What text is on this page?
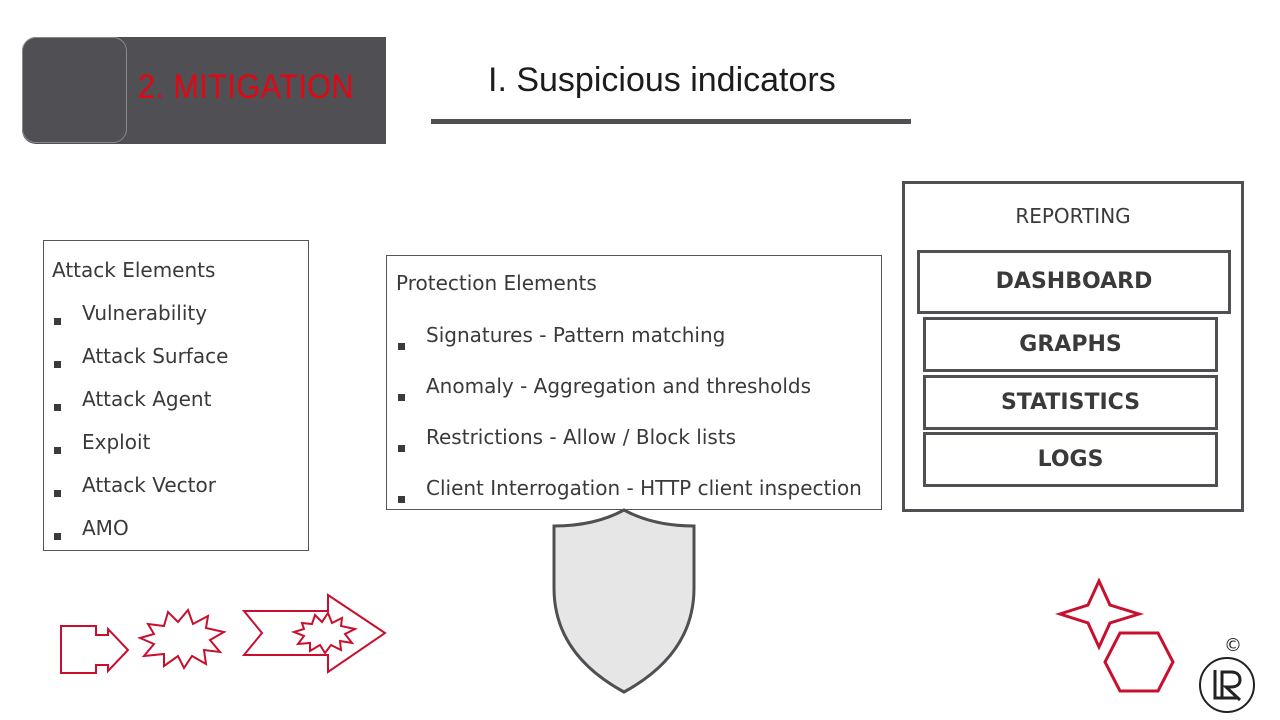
2. MITIGATION	I. Suspicious indicators
Attack Elements
Vulnerability
Attack Surface
Attack Agent
Exploit
Attack Vector
AMO
Protection Elements
Signatures - Pattern matching
Anomaly - Aggregation and thresholds
Restrictions - Allow / Block lists
Client Interrogation - HTTP client inspection
REPORTING
DASHBOARD
GRAPHS
STATISTICS
LOGS
©
